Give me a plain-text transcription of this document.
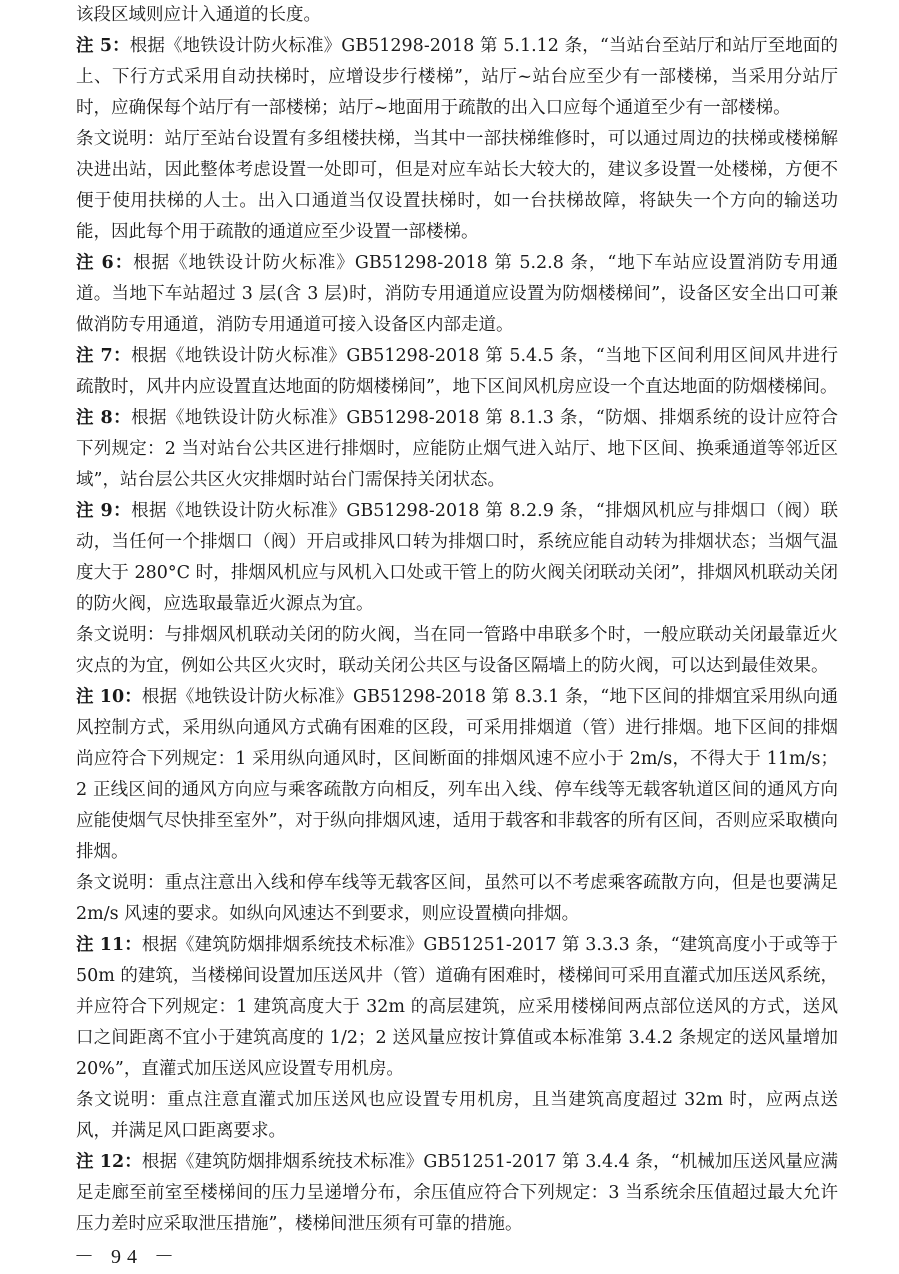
该段区域则应计入通道的长度。

注 5：根据《地铁设计防火标准》GB51298-2018 第 5.1.12 条，“当站台至站厅和站厅至地面的上、下行方式采用自动扶梯时，应增设步行楼梯”，站厅~站台应至少有一部楼梯，当采用分站厅时，应确保每个站厅有一部楼梯；站厅~地面用于疏散的出入口应每个通道至少有一部楼梯。

条文说明：站厅至站台设置有多组楼扶梯，当其中一部扶梯维修时，可以通过周边的扶梯或楼梯解决进出站，因此整体考虑设置一处即可，但是对应车站长大较大的，建议多设置一处楼梯，方便不便于使用扶梯的人士。出入口通道当仅设置扶梯时，如一台扶梯故障，将缺失一个方向的输送功能，因此每个用于疏散的通道应至少设置一部楼梯。

注 6：根据《地铁设计防火标准》GB51298-2018 第 5.2.8 条，“地下车站应设置消防专用通道。当地下车站超过 3 层(含 3 层)时，消防专用通道应设置为防烟楼梯间”，设备区安全出口可兼做消防专用通道，消防专用通道可接入设备区内部走道。

注 7：根据《地铁设计防火标准》GB51298-2018 第 5.4.5 条，“当地下区间利用区间风井进行疏散时，风井内应设置直达地面的防烟楼梯间”，地下区间风机房应设一个直达地面的防烟楼梯间。

注 8：根据《地铁设计防火标准》GB51298-2018 第 8.1.3 条，“防烟、排烟系统的设计应符合下列规定：2 当对站台公共区进行排烟时，应能防止烟气进入站厅、地下区间、换乘通道等邻近区域”，站台层公共区火灾排烟时站台门需保持关闭状态。

注 9：根据《地铁设计防火标准》GB51298-2018 第 8.2.9 条，“排烟风机应与排烟口（阀）联动，当任何一个排烟口（阀）开启或排风口转为排烟口时，系统应能自动转为排烟状态；当烟气温度大于 280°C 时，排烟风机应与风机入口处或干管上的防火阀关闭联动关闭”，排烟风机联动关闭的防火阀，应选取最靠近火源点为宜。

条文说明：与排烟风机联动关闭的防火阀，当在同一管路中串联多个时，一般应联动关闭最靠近火灾点的为宜，例如公共区火灾时，联动关闭公共区与设备区隔墙上的防火阀，可以达到最佳效果。

注 10：根据《地铁设计防火标准》GB51298-2018 第 8.3.1 条，“地下区间的排烟宜采用纵向通风控制方式，采用纵向通风方式确有困难的区段，可采用排烟道（管）进行排烟。地下区间的排烟尚应符合下列规定：1 采用纵向通风时，区间断面的排烟风速不应小于 2m/s，不得大于 11m/s；2 正线区间的通风方向应与乘客疏散方向相反，列车出入线、停车线等无载客轨道区间的通风方向应能使烟气尽快排至室外”，对于纵向排烟风速，适用于载客和非载客的所有区间，否则应采取横向排烟。

条文说明：重点注意出入线和停车线等无载客区间，虽然可以不考虑乘客疏散方向，但是也要满足 2m/s 风速的要求。如纵向风速达不到要求，则应设置横向排烟。

注 11：根据《建筑防烟排烟系统技术标准》GB51251-2017 第 3.3.3 条，“建筑高度小于或等于 50m 的建筑，当楼梯间设置加压送风井（管）道确有困难时，楼梯间可采用直灌式加压送风系统，并应符合下列规定：1 建筑高度大于 32m 的高层建筑，应采用楼梯间两点部位送风的方式，送风口之间距离不宜小于建筑高度的 1/2；2 送风量应按计算值或本标准第 3.4.2 条规定的送风量增加 20%”，直灌式加压送风应设置专用机房。

条文说明：重点注意直灌式加压送风也应设置专用机房，且当建筑高度超过 32m 时，应两点送风，并满足风口距离要求。

注 12：根据《建筑防烟排烟系统技术标准》GB51251-2017 第 3.4.4 条，“机械加压送风量应满足走廊至前室至楼梯间的压力呈递增分布，余压值应符合下列规定：3 当系统余压值超过最大允许压力差时应采取泄压措施”，楼梯间泄压须有可靠的措施。

－ 94 －
